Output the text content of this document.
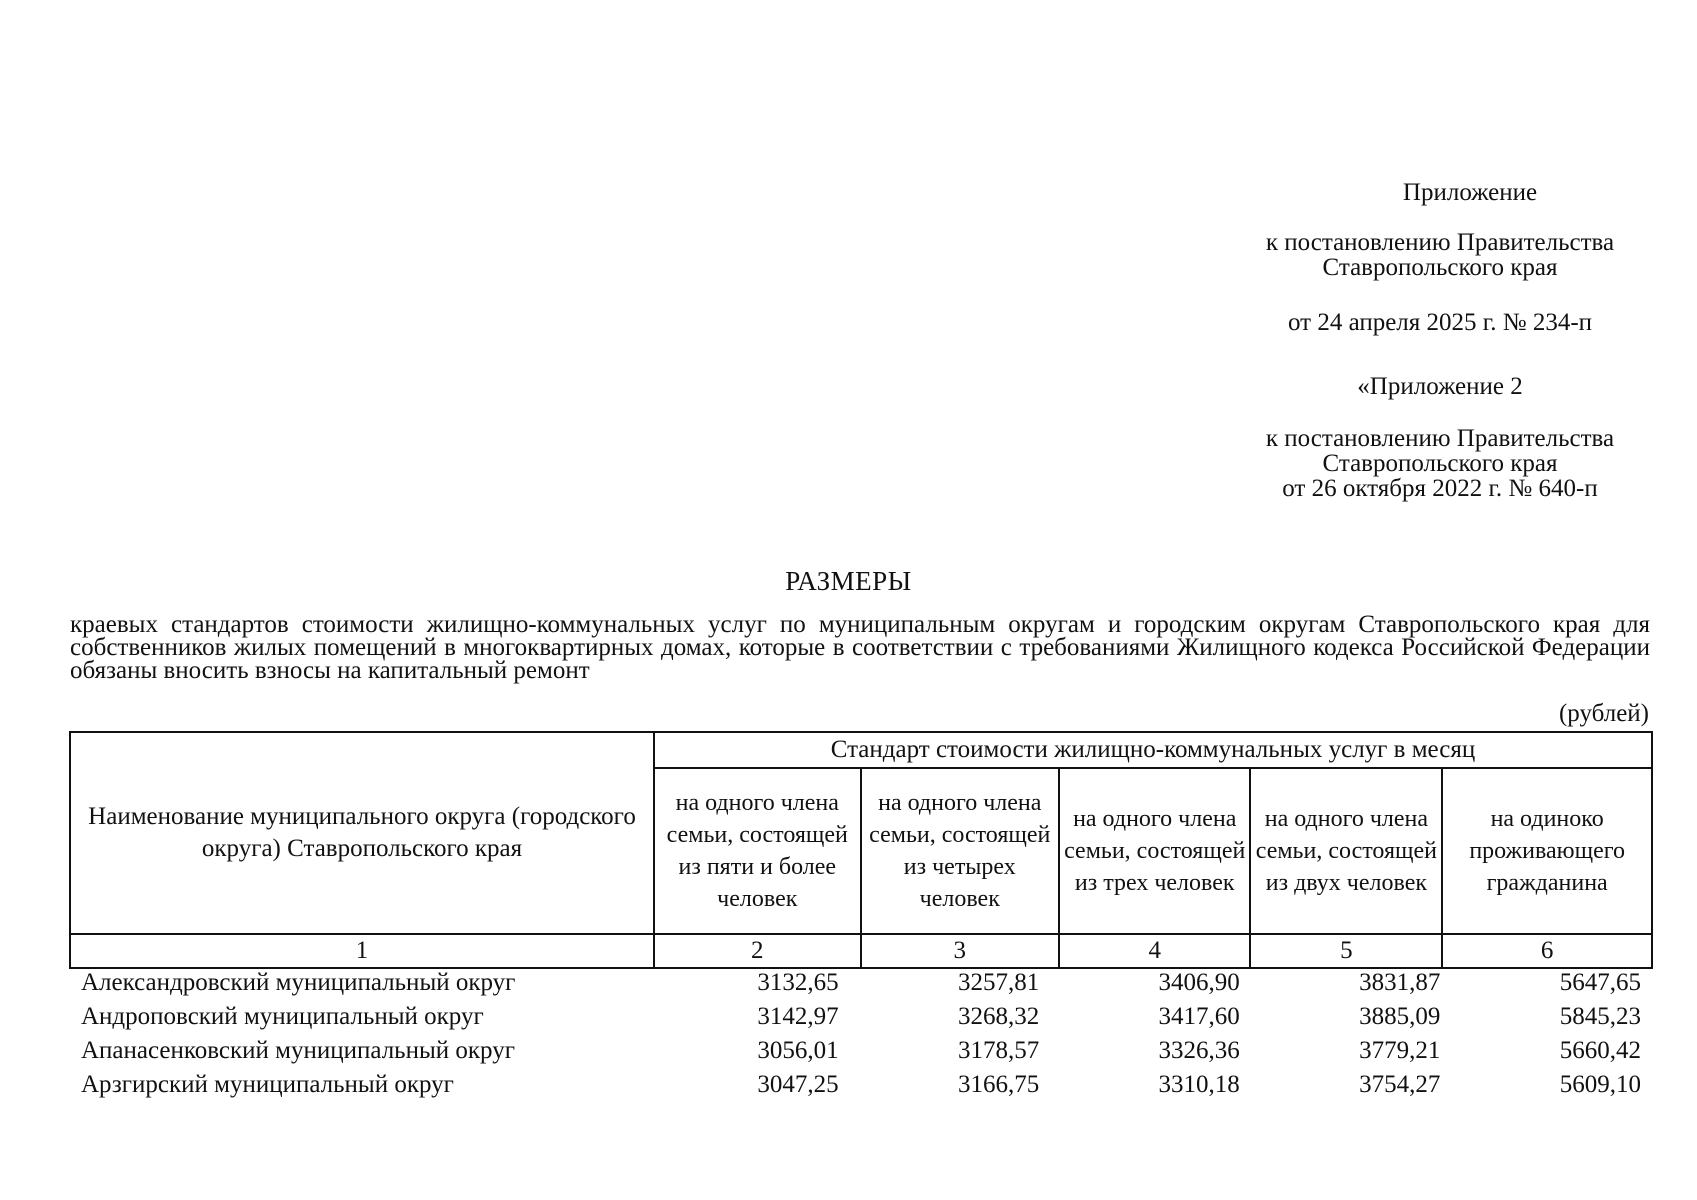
Приложение
к постановлению Правительства
Ставропольского края
от 24 апреля 2025 г. № 234-п
«Приложение 2
к постановлению Правительства
Ставропольского края
от 26 октября 2022 г. № 640-п
РАЗМЕРЫ
краевых стандартов стоимости жилищно-коммунальных услуг по муниципальным округам и городским округам Ставропольского края для собственников жилых помещений в многоквартирных домах, которые в соответствии с требованиями Жилищного кодекса Российской Федерации обязаны вносить взносы на капитальный ремонт
(рублей)
Наименование муниципального округа (городского округа) Ставропольского края	Стандарт стоимости жилищно-коммунальных услуг в месяц				
	на одного члена семьи, состоящей из пяти и более человек	на одного члена семьи, состоящей из четырех человек	на одного члена семьи, состоящей из трех человек	на одного члена семьи, состоящей из двух человек	на одиноко проживающего гражданина
1	2	3	4	5	6
Александровский муниципальный округ	3132,65	3257,81	3406,90	3831,87	5647,65
Андроповский муниципальный округ	3142,97	3268,32	3417,60	3885,09	5845,23
Апанасенковский муниципальный округ	3056,01	3178,57	3326,36	3779,21	5660,42
Арзгирский муниципальный округ	3047,25	3166,75	3310,18	3754,27	5609,10
